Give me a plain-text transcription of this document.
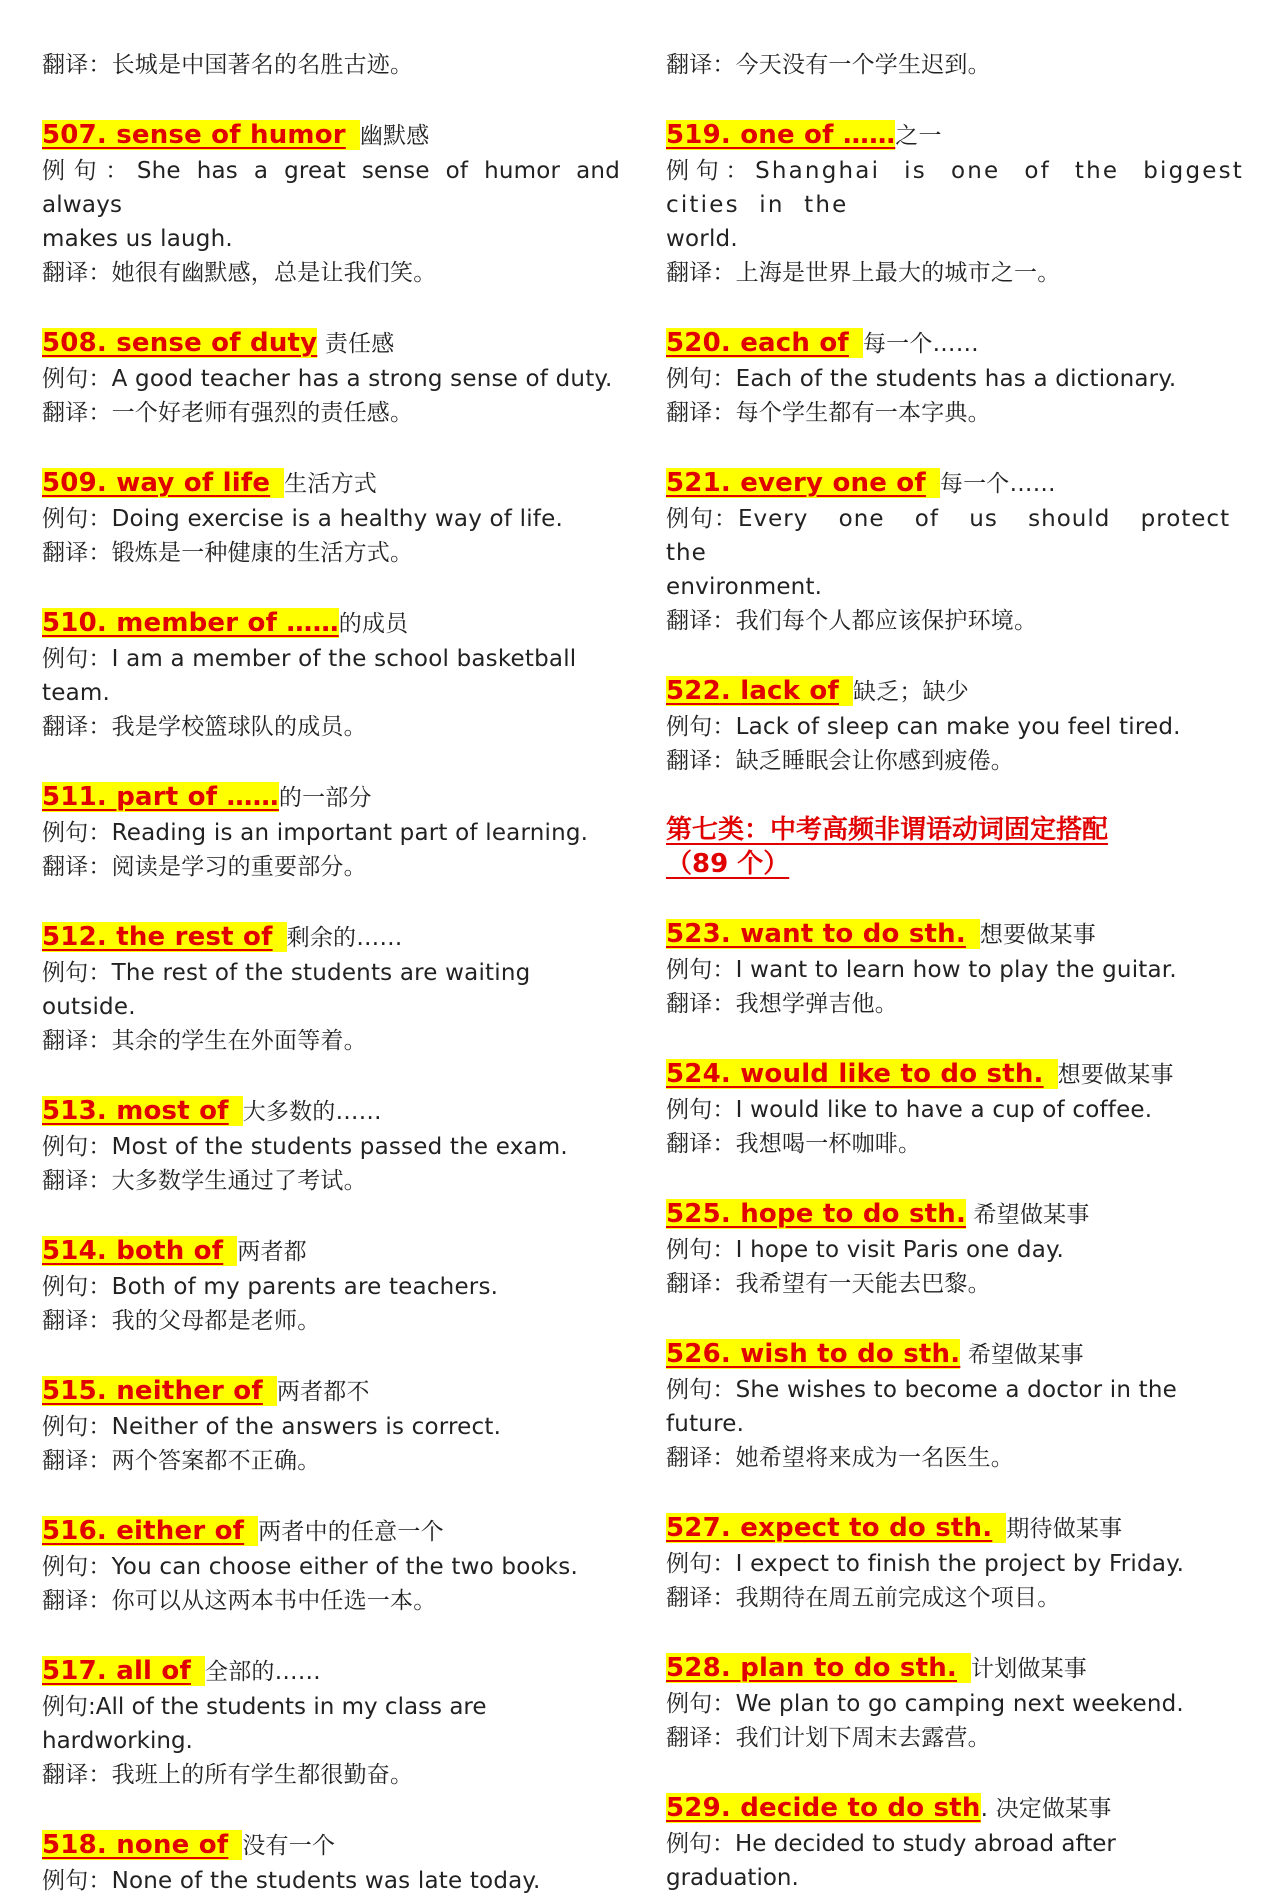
翻译：长城是中国著名的名胜古迹。
507. sense of humor 幽默感
例句：She has a great sense of humor and always
makes us laugh.
翻译：她很有幽默感，总是让我们笑。
508. sense of duty 责任感
例句：A good teacher has a strong sense of duty.
翻译：一个好老师有强烈的责任感。
509. way of life 生活方式
例句：Doing exercise is a healthy way of life.
翻译：锻炼是一种健康的生活方式。
510. member of ……的成员
例句：I am a member of the school basketball team.
翻译：我是学校篮球队的成员。
511. part of ……的一部分
例句：Reading is an important part of learning.
翻译：阅读是学习的重要部分。
512. the rest of 剩余的……
例句：The rest of the students are waiting outside.
翻译：其余的学生在外面等着。
513. most of 大多数的……
例句：Most of the students passed the exam.
翻译：大多数学生通过了考试。
514. both of 两者都
例句：Both of my parents are teachers.
翻译：我的父母都是老师。
515. neither of 两者都不
例句：Neither of the answers is correct.
翻译：两个答案都不正确。
516. either of 两者中的任意一个
例句：You can choose either of the two books.
翻译：你可以从这两本书中任选一本。
517. all of 全部的……
例句:All of the students in my class are hardworking.
翻译：我班上的所有学生都很勤奋。
518. none of 没有一个
例句：None of the students was late today.
翻译：今天没有一个学生迟到。
519. one of ……之一
例句：Shanghai is one of the biggest cities in the
world.
翻译：上海是世界上最大的城市之一。
520. each of 每一个……
例句：Each of the students has a dictionary.
翻译：每个学生都有一本字典。
521. every one of 每一个……
例句：Every one of us should protect the
environment.
翻译：我们每个人都应该保护环境。
522. lack of 缺乏；缺少
例句：Lack of sleep can make you feel tired.
翻译：缺乏睡眠会让你感到疲倦。
第七类：中考高频非谓语动词固定搭配
（89 个）
523. want to do sth. 想要做某事
例句：I want to learn how to play the guitar.
翻译：我想学弹吉他。
524. would like to do sth. 想要做某事
例句：I would like to have a cup of coffee.
翻译：我想喝一杯咖啡。
525. hope to do sth. 希望做某事
例句：I hope to visit Paris one day.
翻译：我希望有一天能去巴黎。
526. wish to do sth. 希望做某事
例句：She wishes to become a doctor in the future.
翻译：她希望将来成为一名医生。
527. expect to do sth. 期待做某事
例句：I expect to finish the project by Friday.
翻译：我期待在周五前完成这个项目。
528. plan to do sth. 计划做某事
例句：We plan to go camping next weekend.
翻译：我们计划下周末去露营。
529. decide to do sth. 决定做某事
例句：He decided to study abroad after graduation.
